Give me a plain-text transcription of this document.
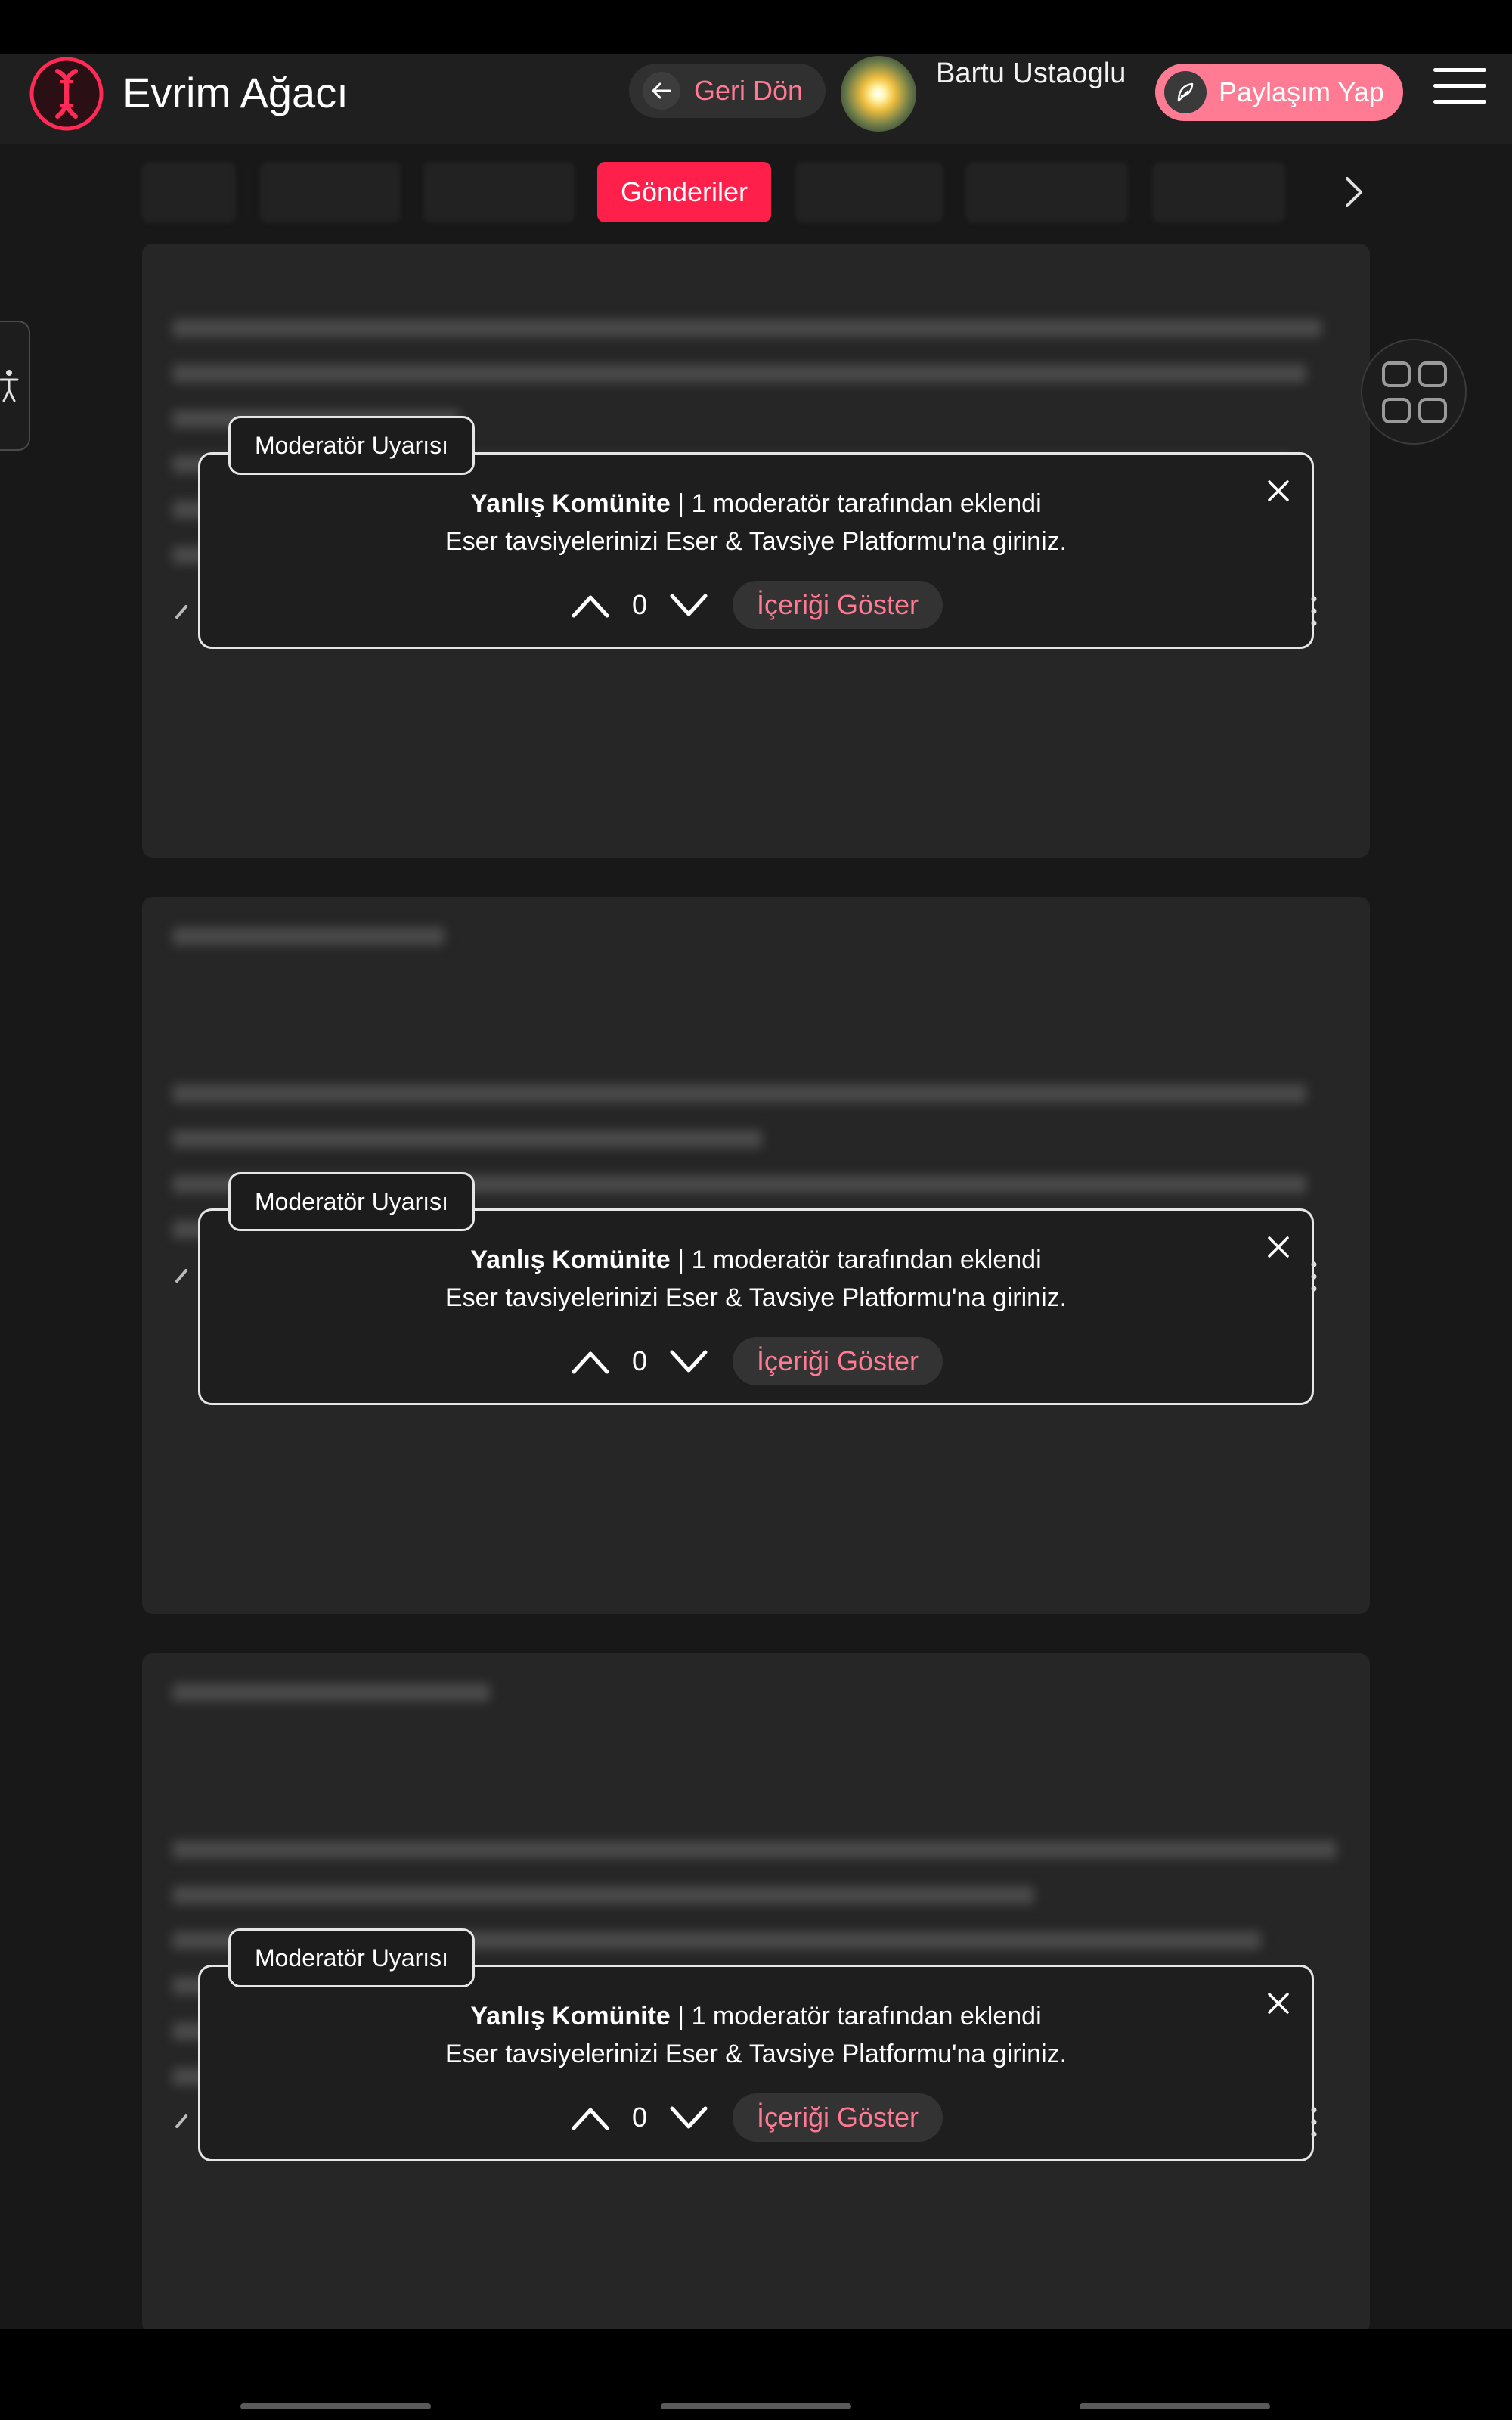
Evrim Ağacı	Geri Dön
Bartu Ustaoglu
Paylaşım Yap
Gönderiler
Yanlış Komünite | 1 moderatör tarafından eklendi
Eser tavsiyelerinizi Eser & Tavsiye Platformu'na giriniz.
0	İçeriği Göster
Moderatör Uyarısı
Yanlış Komünite | 1 moderatör tarafından eklendi
Eser tavsiyelerinizi Eser & Tavsiye Platformu'na giriniz.
0	İçeriği Göster
Moderatör Uyarısı
Yanlış Komünite | 1 moderatör tarafından eklendi
Eser tavsiyelerinizi Eser & Tavsiye Platformu'na giriniz.
0	İçeriği Göster
Moderatör Uyarısı
